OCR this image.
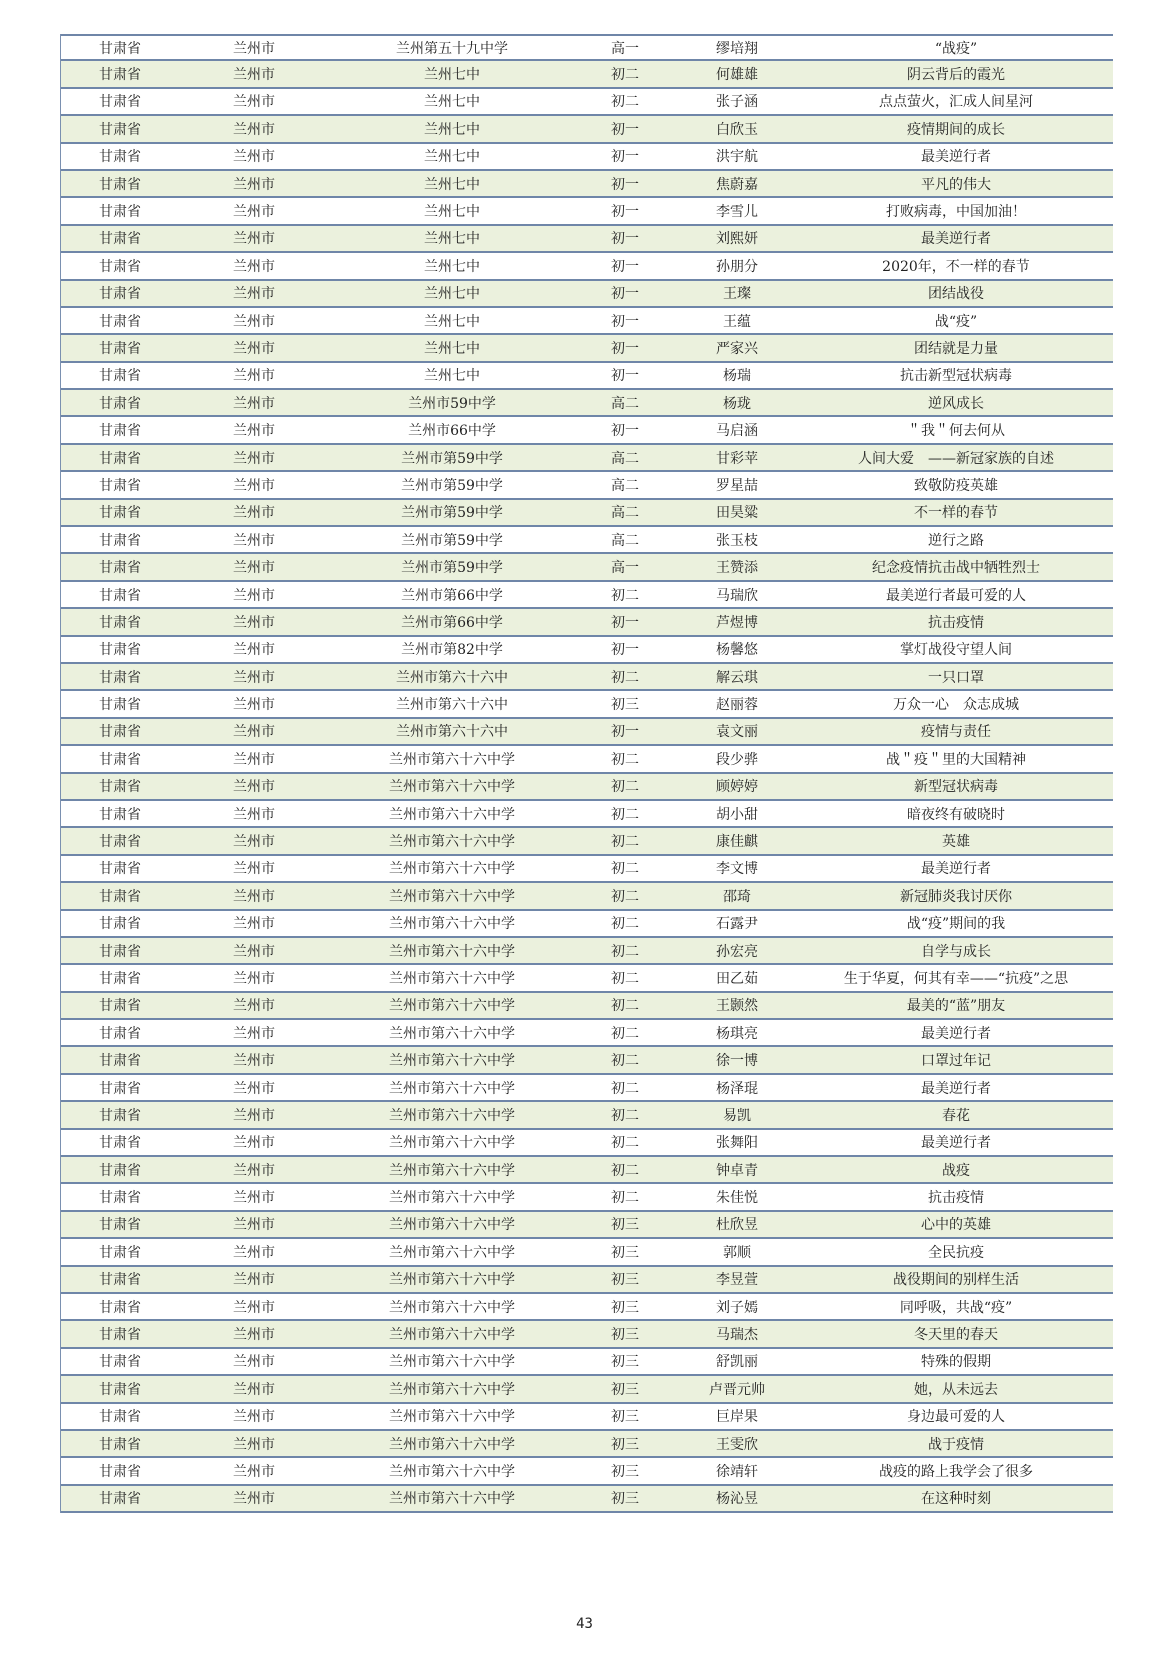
甘肃省	兰州市	兰州第五十九中学	高一	缪培翔	“战疫”
甘肃省	兰州市	兰州七中	初二	何雄雄	阴云背后的霞光
甘肃省	兰州市	兰州七中	初二	张子涵	点点萤火，汇成人间星河
甘肃省	兰州市	兰州七中	初一	白欣玉	疫情期间的成长
甘肃省	兰州市	兰州七中	初一	洪宇航	最美逆行者
甘肃省	兰州市	兰州七中	初一	焦蔚嘉	平凡的伟大
甘肃省	兰州市	兰州七中	初一	李雪儿	打败病毒，中国加油！
甘肃省	兰州市	兰州七中	初一	刘熙妍	最美逆行者
甘肃省	兰州市	兰州七中	初一	孙朋分	2020年，不一样的春节
甘肃省	兰州市	兰州七中	初一	王璨	团结战役
甘肃省	兰州市	兰州七中	初一	王蕴	战“疫”
甘肃省	兰州市	兰州七中	初一	严家兴	团结就是力量
甘肃省	兰州市	兰州七中	初一	杨瑞	抗击新型冠状病毒
甘肃省	兰州市	兰州市59中学	高二	杨珑	逆风成长
甘肃省	兰州市	兰州市66中学	初一	马启涵	＂我＂何去何从
甘肃省	兰州市	兰州市第59中学	高二	甘彩苹	人间大爱　——新冠家族的自述
甘肃省	兰州市	兰州市第59中学	高二	罗星喆	致敬防疫英雄
甘肃省	兰州市	兰州市第59中学	高二	田昊粱	不一样的春节
甘肃省	兰州市	兰州市第59中学	高二	张玉枝	逆行之路
甘肃省	兰州市	兰州市第59中学	高一	王赞添	纪念疫情抗击战中牺牲烈士
甘肃省	兰州市	兰州市第66中学	初二	马瑞欣	最美逆行者最可爱的人
甘肃省	兰州市	兰州市第66中学	初一	芦煜博	抗击疫情
甘肃省	兰州市	兰州市第82中学	初一	杨馨悠	掌灯战役守望人间
甘肃省	兰州市	兰州市第六十六中	初二	解云琪	一只口罩
甘肃省	兰州市	兰州市第六十六中	初三	赵丽蓉	万众一心　众志成城
甘肃省	兰州市	兰州市第六十六中	初一	袁文丽	疫情与责任
甘肃省	兰州市	兰州市第六十六中学	初二	段少骅	战＂疫＂里的大国精神
甘肃省	兰州市	兰州市第六十六中学	初二	顾婷婷	新型冠状病毒
甘肃省	兰州市	兰州市第六十六中学	初二	胡小甜	暗夜终有破晓时
甘肃省	兰州市	兰州市第六十六中学	初二	康佳麒	英雄
甘肃省	兰州市	兰州市第六十六中学	初二	李文博	最美逆行者
甘肃省	兰州市	兰州市第六十六中学	初二	邵琦	新冠肺炎我讨厌你
甘肃省	兰州市	兰州市第六十六中学	初二	石露尹	战“疫”期间的我
甘肃省	兰州市	兰州市第六十六中学	初二	孙宏亮	自学与成长
甘肃省	兰州市	兰州市第六十六中学	初二	田乙茹	生于华夏，何其有幸——“抗疫”之思
甘肃省	兰州市	兰州市第六十六中学	初二	王颢然	最美的“蓝”朋友
甘肃省	兰州市	兰州市第六十六中学	初二	杨琪亮	最美逆行者
甘肃省	兰州市	兰州市第六十六中学	初二	徐一博	口罩过年记
甘肃省	兰州市	兰州市第六十六中学	初二	杨泽琨	最美逆行者
甘肃省	兰州市	兰州市第六十六中学	初二	易凯	春花
甘肃省	兰州市	兰州市第六十六中学	初二	张舞阳	最美逆行者
甘肃省	兰州市	兰州市第六十六中学	初二	钟卓青	战疫
甘肃省	兰州市	兰州市第六十六中学	初二	朱佳悦	抗击疫情
甘肃省	兰州市	兰州市第六十六中学	初三	杜欣昱	心中的英雄
甘肃省	兰州市	兰州市第六十六中学	初三	郭顺	全民抗疫
甘肃省	兰州市	兰州市第六十六中学	初三	李昱萱	战役期间的别样生活
甘肃省	兰州市	兰州市第六十六中学	初三	刘子嫣	同呼吸，共战“疫”
甘肃省	兰州市	兰州市第六十六中学	初三	马瑞杰	冬天里的春天
甘肃省	兰州市	兰州市第六十六中学	初三	舒凯丽	特殊的假期
甘肃省	兰州市	兰州市第六十六中学	初三	卢晋元帅	她，从未远去
甘肃省	兰州市	兰州市第六十六中学	初三	巨岸果	身边最可爱的人
甘肃省	兰州市	兰州市第六十六中学	初三	王雯欣	战于疫情
甘肃省	兰州市	兰州市第六十六中学	初三	徐靖轩	战疫的路上我学会了很多
甘肃省	兰州市	兰州市第六十六中学	初三	杨沁昱	在这种时刻
43
